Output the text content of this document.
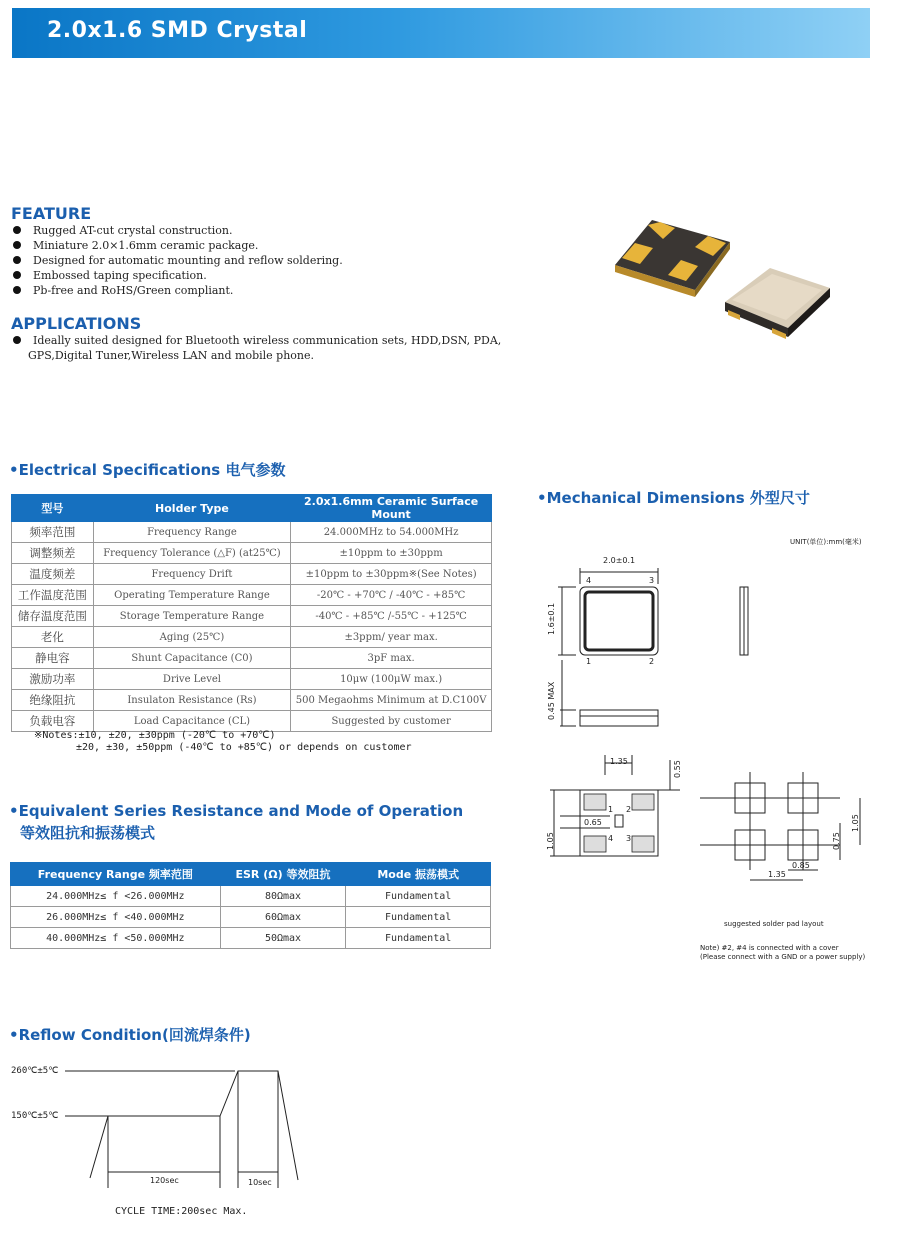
2.0x1.6 SMD Crystal
FEATURE
Rugged AT-cut crystal construction.
Miniature 2.0×1.6mm ceramic package.
Designed for automatic mounting and reflow soldering.
Embossed taping specification.
Pb-free and RoHS/Green compliant.
APPLICATIONS
Ideally suited designed for Bluetooth wireless communication sets, HDD,DSN, PDA,
GPS,Digital Tuner,Wireless LAN and mobile phone.
•Electrical Specifications 电气参数
型号	Holder Type	2.0x1.6mm Ceramic Surface Mount
频率范围	Frequency Range	24.000MHz to 54.000MHz
调整频差	Frequency Tolerance (△F) (at25℃)	±10ppm to ±30ppm
温度频差	Frequency Drift	±10ppm to ±30ppm※(See Notes)
工作温度范围	Operating Temperature Range	-20℃ - +70℃ / -40℃ - +85℃
储存温度范围	Storage Temperature Range	-40℃ - +85℃ /-55℃ - +125℃
老化	Aging (25℃)	±3ppm/ year max.
静电容	Shunt Capacitance (C0)	3pF max.
激励功率	Drive Level	10μw (100μW max.)
绝缘阻抗	Insulaton Resistance (Rs)	500 Megaohms Minimum at D.C100V
负载电容	Load Capacitance (CL)	Suggested by customer
※Notes:±10, ±20, ±30ppm (-20℃ to +70℃)
±20, ±30, ±50ppm (-40℃ to +85℃) or depends on customer
•Equivalent Series Resistance and Mode of Operation
等效阻抗和振荡模式
Frequency Range 频率范围	ESR (Ω) 等效阻抗	Mode 振荡模式
24.000MHz≤ f <26.000MHz	80Ωmax	Fundamental
26.000MHz≤ f <40.000MHz	60Ωmax	Fundamental
40.000MHz≤ f <50.000MHz	50Ωmax	Fundamental
•Mechanical Dimensions 外型尺寸
UNIT(单位):mm(毫米)
2.0±0.1
1.6±0.1
0.45 MAX
4	3
1	2
1.35	0.55
0.65
1.05
1 2
4 3
1.05
0.75
0.85
1.35
suggested solder pad layout
Note) #2, #4 is connected with a cover
(Please connect with a GND or a power supply)
•Reflow Condition(回流焊条件)
260℃±5℃
150℃±5℃
120sec	10sec
CYCLE TIME:200sec Max.
